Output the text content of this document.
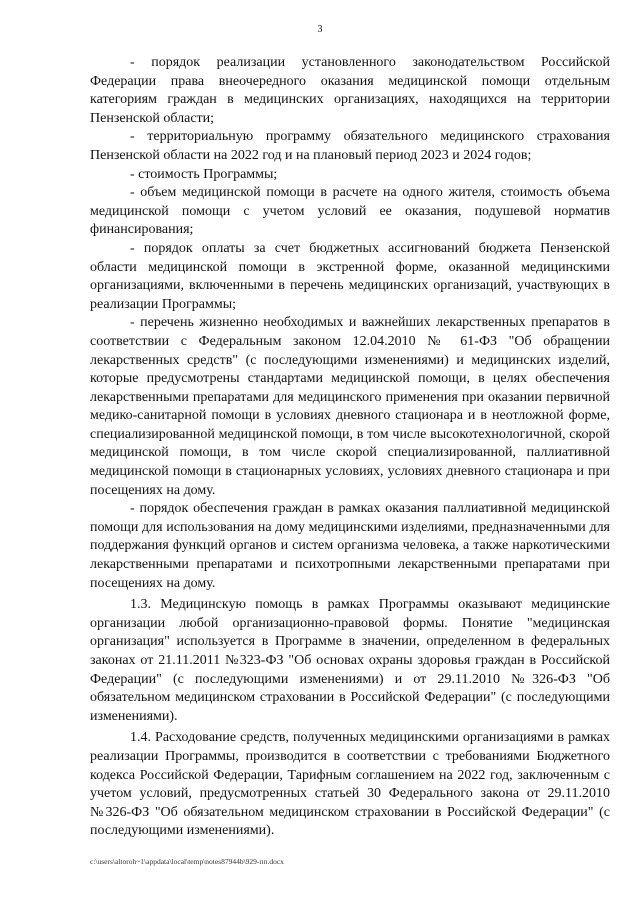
3

- порядок реализации установленного законодательством Российской Федерации права внеочередного оказания медицинской помощи отдельным категориям граждан в медицинских организациях, находящихся на территории Пензенской области;

- территориальную программу обязательного медицинского страхования Пензенской области на 2022 год и на плановый период 2023 и 2024 годов;

- стоимость Программы;

- объем медицинской помощи в расчете на одного жителя, стоимость объема медицинской помощи с учетом условий ее оказания, подушевой норматив финансирования;

- порядок оплаты за счет бюджетных ассигнований бюджета Пензенской области медицинской помощи в экстренной форме, оказанной медицинскими организациями, включенными в перечень медицинских организаций, участвующих в реализации Программы;

- перечень жизненно необходимых и важнейших лекарственных препаратов в соответствии с Федеральным законом 12.04.2010 № 61-ФЗ "Об обращении лекарственных средств" (с последующими изменениями) и медицинских изделий, которые предусмотрены стандартами медицинской помощи, в целях обеспечения лекарственными препаратами для медицинского применения при оказании первичной медико-санитарной помощи в условиях дневного стационара и в неотложной форме, специализированной медицинской помощи, в том числе высокотехнологичной, скорой медицинской помощи, в том числе скорой специализированной, паллиативной медицинской помощи в стационарных условиях, условиях дневного стационара и при посещениях на дому.

- порядок обеспечения граждан в рамках оказания паллиативной медицинской помощи для использования на дому медицинскими изделиями, предназначенными для поддержания функций органов и систем организма человека, а также наркотическими лекарственными препаратами и психотропными лекарственными препаратами при посещениях на дому.

1.3. Медицинскую помощь в рамках Программы оказывают медицинские организации любой организационно-правовой формы. Понятие "медицинская организация" используется в Программе в значении, определенном в федеральных законах от 21.11.2011 №323-ФЗ "Об основах охраны здоровья граждан в Российской Федерации" (с последующими изменениями) и от 29.11.2010 №326-ФЗ "Об обязательном медицинском страховании в Российской Федерации" (с последующими изменениями).

1.4. Расходование средств, полученных медицинскими организациями в рамках реализации Программы, производится в соответствии с требованиями Бюджетного кодекса Российской Федерации, Тарифным соглашением на 2022 год, заключенным с учетом условий, предусмотренных статьей 30 Федерального закона от 29.11.2010 №326-ФЗ "Об обязательном медицинском страховании в Российской Федерации" (с последующими изменениями).

c:\users\altoroh~1\appdata\local\temp\notes87944b\929-пп.docx
